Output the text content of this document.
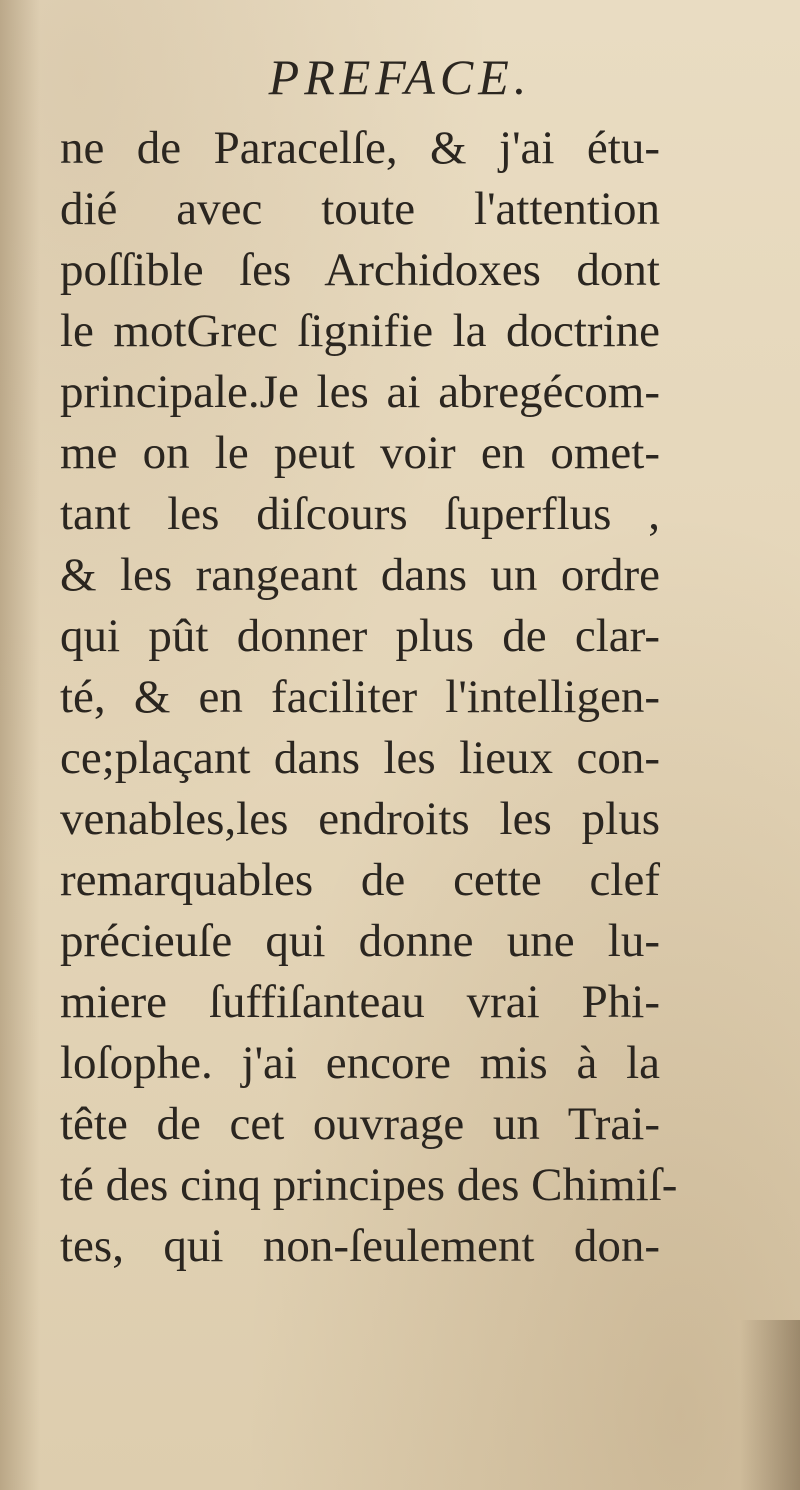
PREFACE.
ne de Paracelſe, & j'ai étu-
dié avec toute l'attention
poſſible ſes Archidoxes dont
le motGrec ſignifie la doctrine
principale.Je les ai abregécom-
me on le peut voir en omet-
tant les diſcours ſuperflus ,
& les rangeant dans un ordre
qui pût donner plus de clar-
té, & en faciliter l'intelligen-
ce;plaçant dans les lieux con-
venables,les endroits les plus
remarquables de cette clef
précieuſe qui donne une lu-
miere ſuffiſanteau vrai Phi-
loſophe. j'ai encore mis à la
tête de cet ouvrage un Trai-
té des cinq principes des Chimiſ-
tes, qui non-ſeulement don-
